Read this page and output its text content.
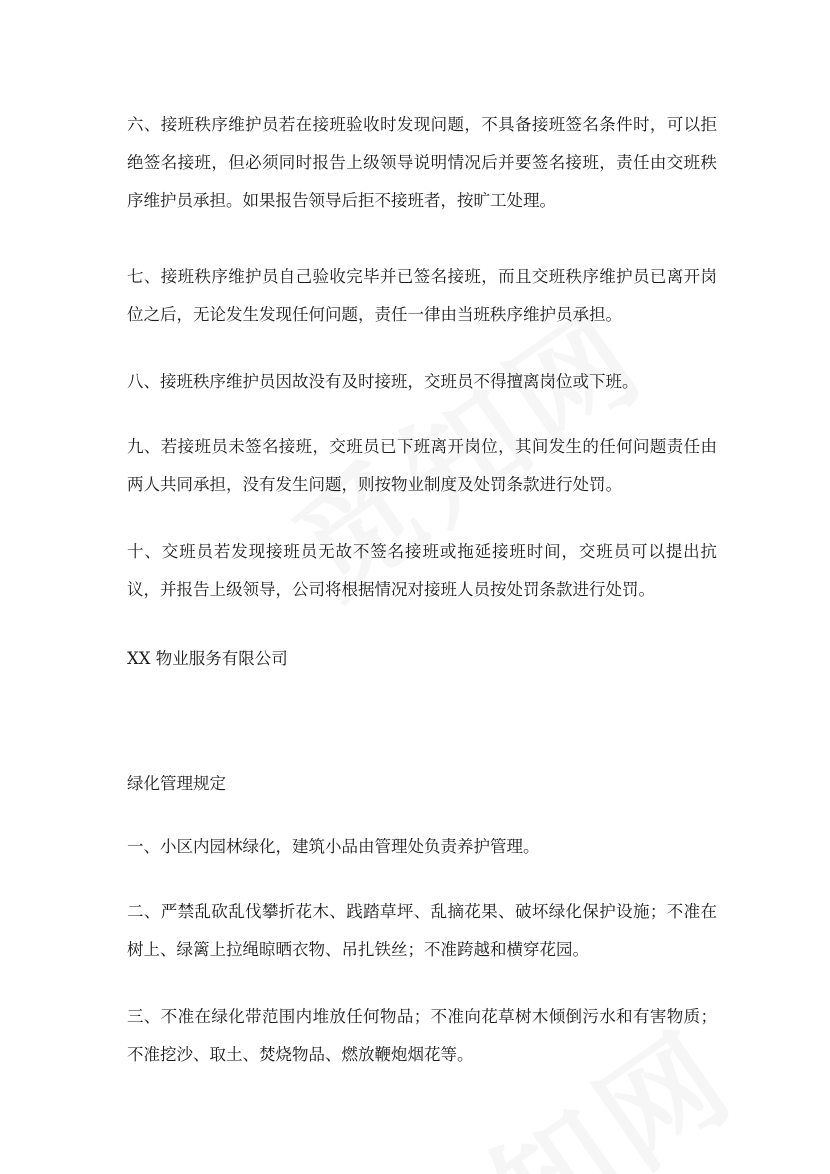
六、接班秩序维护员若在接班验收时发现问题，不具备接班签名条件时，可以拒绝签名接班，但必须同时报告上级领导说明情况后并要签名接班，责任由交班秩序维护员承担。如果报告领导后拒不接班者，按旷工处理。

七、接班秩序维护员自己验收完毕并已签名接班，而且交班秩序维护员已离开岗位之后，无论发生发现任何问题，责任一律由当班秩序维护员承担。

八、接班秩序维护员因故没有及时接班，交班员不得擅离岗位或下班。

九、若接班员未签名接班，交班员已下班离开岗位，其间发生的任何问题责任由两人共同承担，没有发生问题，则按物业制度及处罚条款进行处罚。

十、交班员若发现接班员无故不签名接班或拖延接班时间，交班员可以提出抗议，并报告上级领导，公司将根据情况对接班人员按处罚条款进行处罚。

XX 物业服务有限公司

绿化管理规定

一、小区内园林绿化，建筑小品由管理处负责养护管理。

二、严禁乱砍乱伐攀折花木、践踏草坪、乱摘花果、破坏绿化保护设施；不准在树上、绿篱上拉绳晾晒衣物、吊扎铁丝；不准跨越和横穿花园。

三、不准在绿化带范围内堆放任何物品；不准向花草树木倾倒污水和有害物质；不准挖沙、取土、焚烧物品、燃放鞭炮烟花等。
